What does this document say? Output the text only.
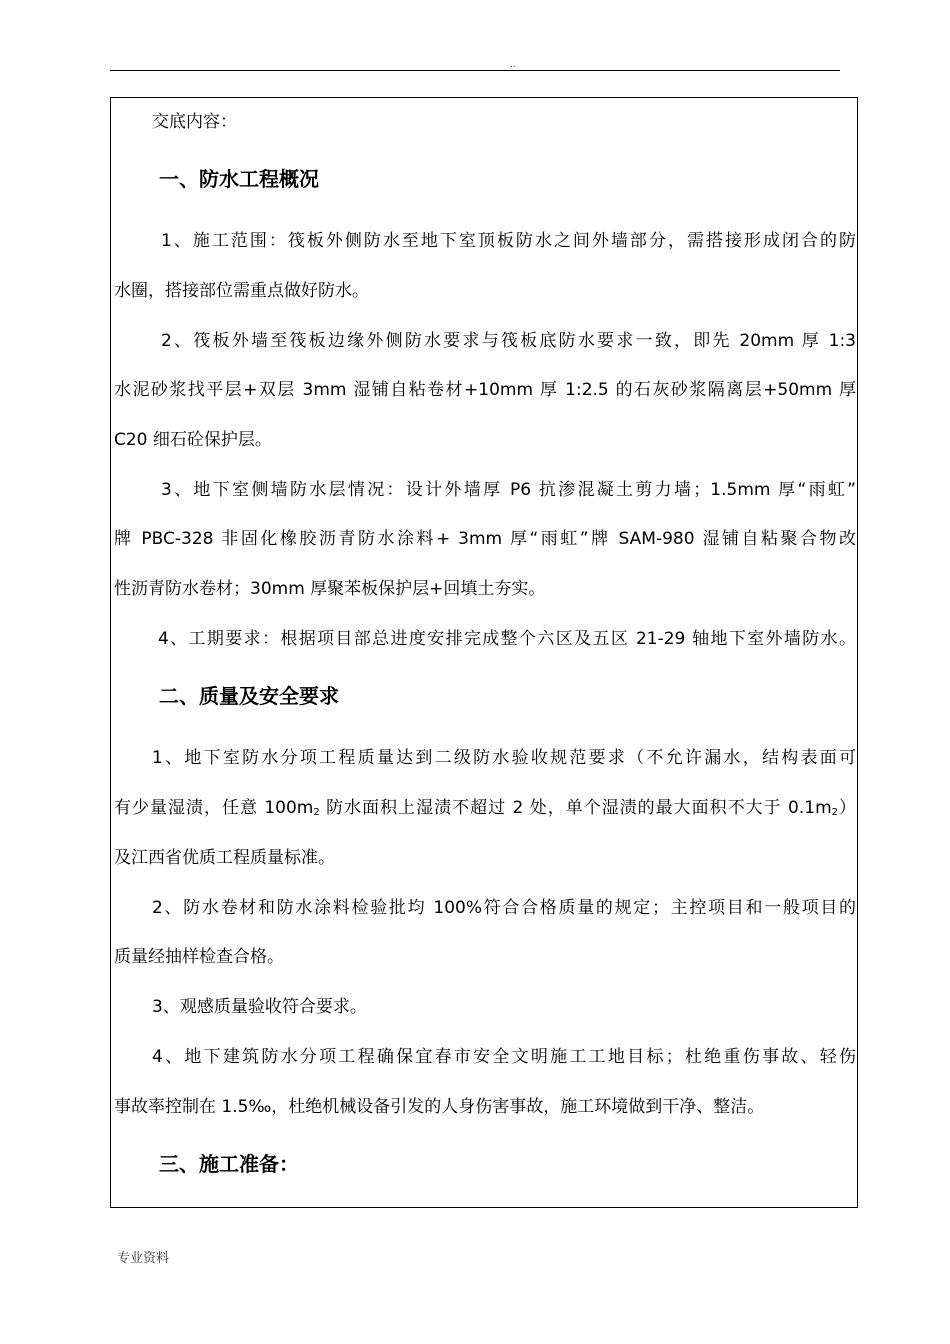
..
交底内容：
一、防水工程概况
1、施工范围：筏板外侧防水至地下室顶板防水之间外墙部分，需搭接形成闭合的防
水圈，搭接部位需重点做好防水。
2、筏板外墙至筏板边缘外侧防水要求与筏板底防水要求一致，即先 20mm 厚 1:3
水泥砂浆找平层+双层 3mm 湿铺自粘卷材+10mm 厚 1:2.5 的石灰砂浆隔离层+50mm 厚
C20 细石砼保护层。
3、地下室侧墙防水层情况：设计外墙厚 P6 抗渗混凝土剪力墙；1.5mm 厚“雨虹”
牌 PBC-328 非固化橡胶沥青防水涂料+ 3mm 厚“雨虹”牌 SAM-980 湿铺自粘聚合物改
性沥青防水卷材；30mm 厚聚苯板保护层+回填土夯实。
4、工期要求：根据项目部总进度安排完成整个六区及五区 21-29 轴地下室外墙防水。
二、质量及安全要求
1、地下室防水分项工程质量达到二级防水验收规范要求（不允许漏水，结构表面可
有少量湿渍，任意 $100m_2$ 防水面积上湿渍不超过 2 处，单个湿渍的最大面积不大于 $0.1m_2$）
及江西省优质工程质量标准。
2、防水卷材和防水涂料检验批均 100%符合合格质量的规定；主控项目和一般项目的
质量经抽样检查合格。
3、观感质量验收符合要求。
4、地下建筑防水分项工程确保宜春市安全文明施工工地目标；杜绝重伤事故、轻伤
事故率控制在 1.5‰，杜绝机械设备引发的人身伤害事故，施工环境做到干净、整洁。
三、施工准备：
专业资料
